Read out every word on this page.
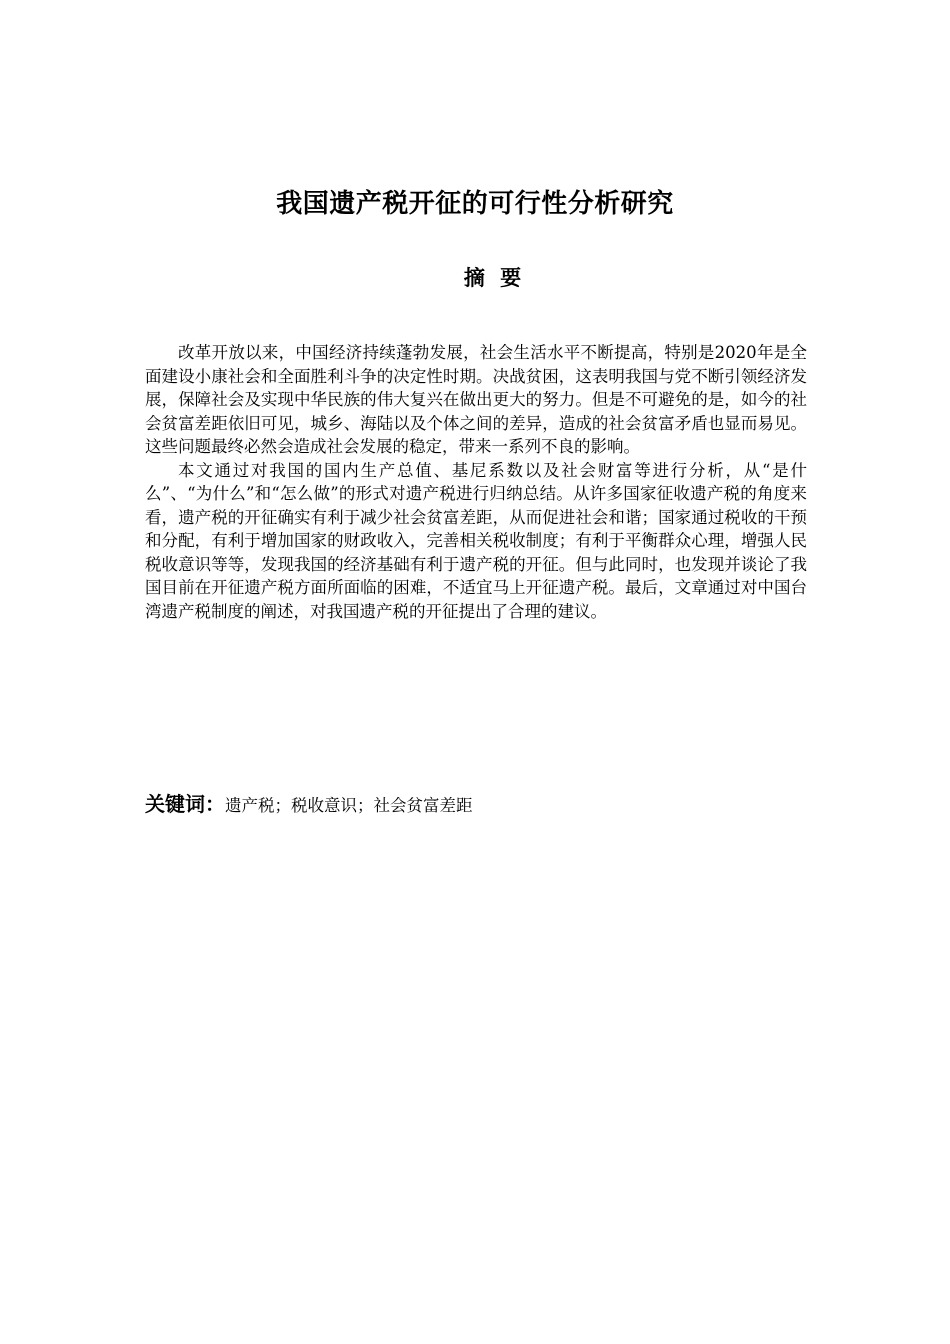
我国遗产税开征的可行性分析研究
摘 要

改革开放以来，中国经济持续蓬勃发展，社会生活水平不断提高，特别是2020年是全面建设小康社会和全面胜利斗争的决定性时期。决战贫困，这表明我国与党不断引领经济发展，保障社会及实现中华民族的伟大复兴在做出更大的努力。但是不可避免的是，如今的社会贫富差距依旧可见，城乡、海陆以及个体之间的差异，造成的社会贫富矛盾也显而易见。这些问题最终必然会造成社会发展的稳定，带来一系列不良的影响。

本文通过对我国的国内生产总值、基尼系数以及社会财富等进行分析，从“是什么”、“为什么”和“怎么做”的形式对遗产税进行归纳总结。从许多国家征收遗产税的角度来看，遗产税的开征确实有利于减少社会贫富差距，从而促进社会和谐；国家通过税收的干预和分配，有利于增加国家的财政收入，完善相关税收制度；有利于平衡群众心理，增强人民税收意识等等，发现我国的经济基础有利于遗产税的开征。但与此同时，也发现并谈论了我国目前在开征遗产税方面所面临的困难，不适宜马上开征遗产税。最后，文章通过对中国台湾遗产税制度的阐述，对我国遗产税的开征提出了合理的建议。

关键词：遗产税；税收意识；社会贫富差距
